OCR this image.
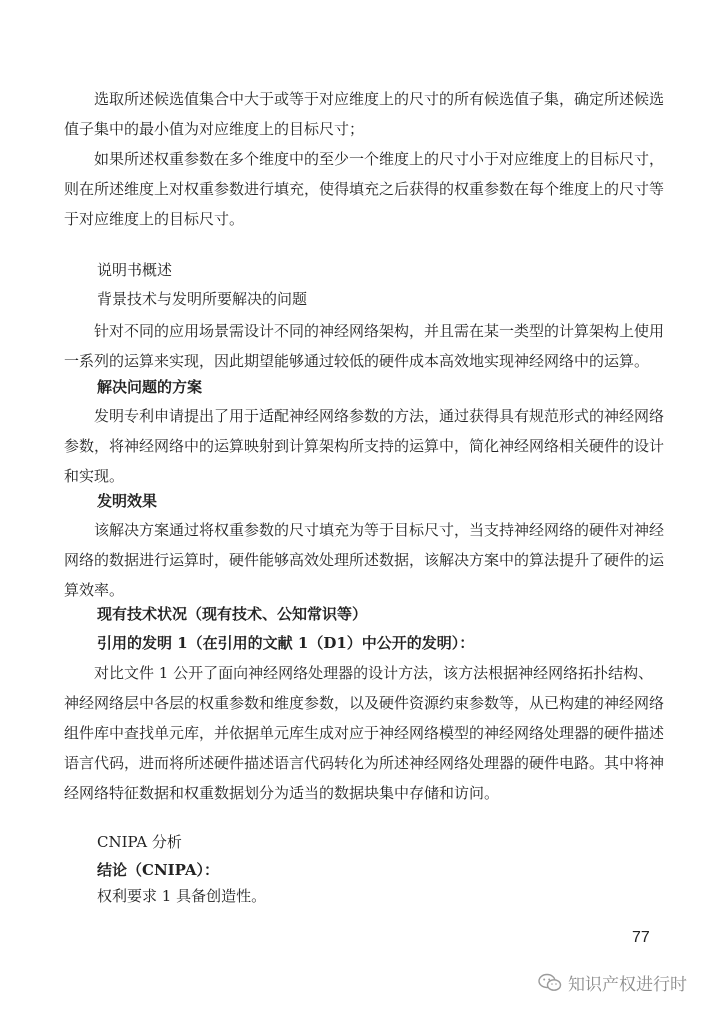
选取所述候选值集合中大于或等于对应维度上的尺寸的所有候选值子集，确定所述候选值子集中的最小值为对应维度上的目标尺寸；

如果所述权重参数在多个维度中的至少一个维度上的尺寸小于对应维度上的目标尺寸，则在所述维度上对权重参数进行填充，使得填充之后获得的权重参数在每个维度上的尺寸等于对应维度上的目标尺寸。

说明书概述

背景技术与发明所要解决的问题

针对不同的应用场景需设计不同的神经网络架构，并且需在某一类型的计算架构上使用一系列的运算来实现，因此期望能够通过较低的硬件成本高效地实现神经网络中的运算。

解决问题的方案

发明专利申请提出了用于适配神经网络参数的方法，通过获得具有规范形式的神经网络参数，将神经网络中的运算映射到计算架构所支持的运算中，简化神经网络相关硬件的设计和实现。

发明效果

该解决方案通过将权重参数的尺寸填充为等于目标尺寸，当支持神经网络的硬件对神经网络的数据进行运算时，硬件能够高效处理所述数据，该解决方案中的算法提升了硬件的运算效率。

现有技术状况（现有技术、公知常识等）

引用的发明 1（在引用的文献 1（D1）中公开的发明）：

对比文件 1 公开了面向神经网络处理器的设计方法，该方法根据神经网络拓扑结构、神经网络层中各层的权重参数和维度参数，以及硬件资源约束参数等，从已构建的神经网络组件库中查找单元库，并依据单元库生成对应于神经网络模型的神经网络处理器的硬件描述语言代码，进而将所述硬件描述语言代码转化为所述神经网络处理器的硬件电路。其中将神经网络特征数据和权重数据划分为适当的数据块集中存储和访问。

CNIPA 分析

结论（CNIPA）：

权利要求 1 具备创造性。

77
知识产权进行时
